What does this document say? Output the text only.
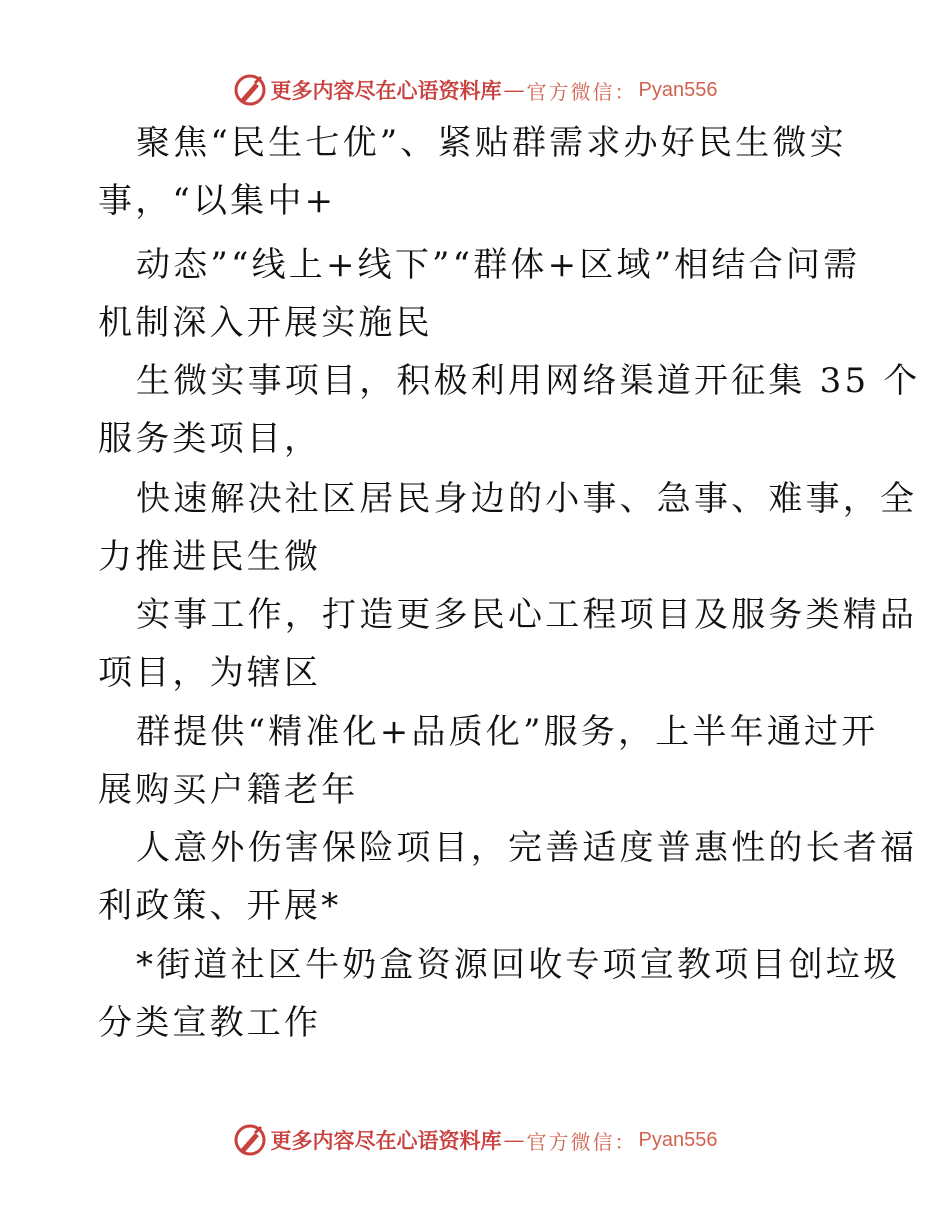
更多内容尽在心语资料库 — 官方微信： Pyan556
聚焦“民生七优”、紧贴群需求办好民生微实
事，“以集中+
动态”“线上+线下”“群体+区域”相结合问需
机制深入开展实施民
生微实事项目，积极利用网络渠道开征集 35 个
服务类项目，
快速解决社区居民身边的小事、急事、难事，全
力推进民生微
实事工作，打造更多民心工程项目及服务类精品
项目，为辖区
群提供“精准化+品质化”服务，上半年通过开
展购买户籍老年
人意外伤害保险项目，完善适度普惠性的长者福
利政策、开展*
*街道社区牛奶盒资源回收专项宣教项目创垃圾
分类宣教工作
更多内容尽在心语资料库 — 官方微信： Pyan556
